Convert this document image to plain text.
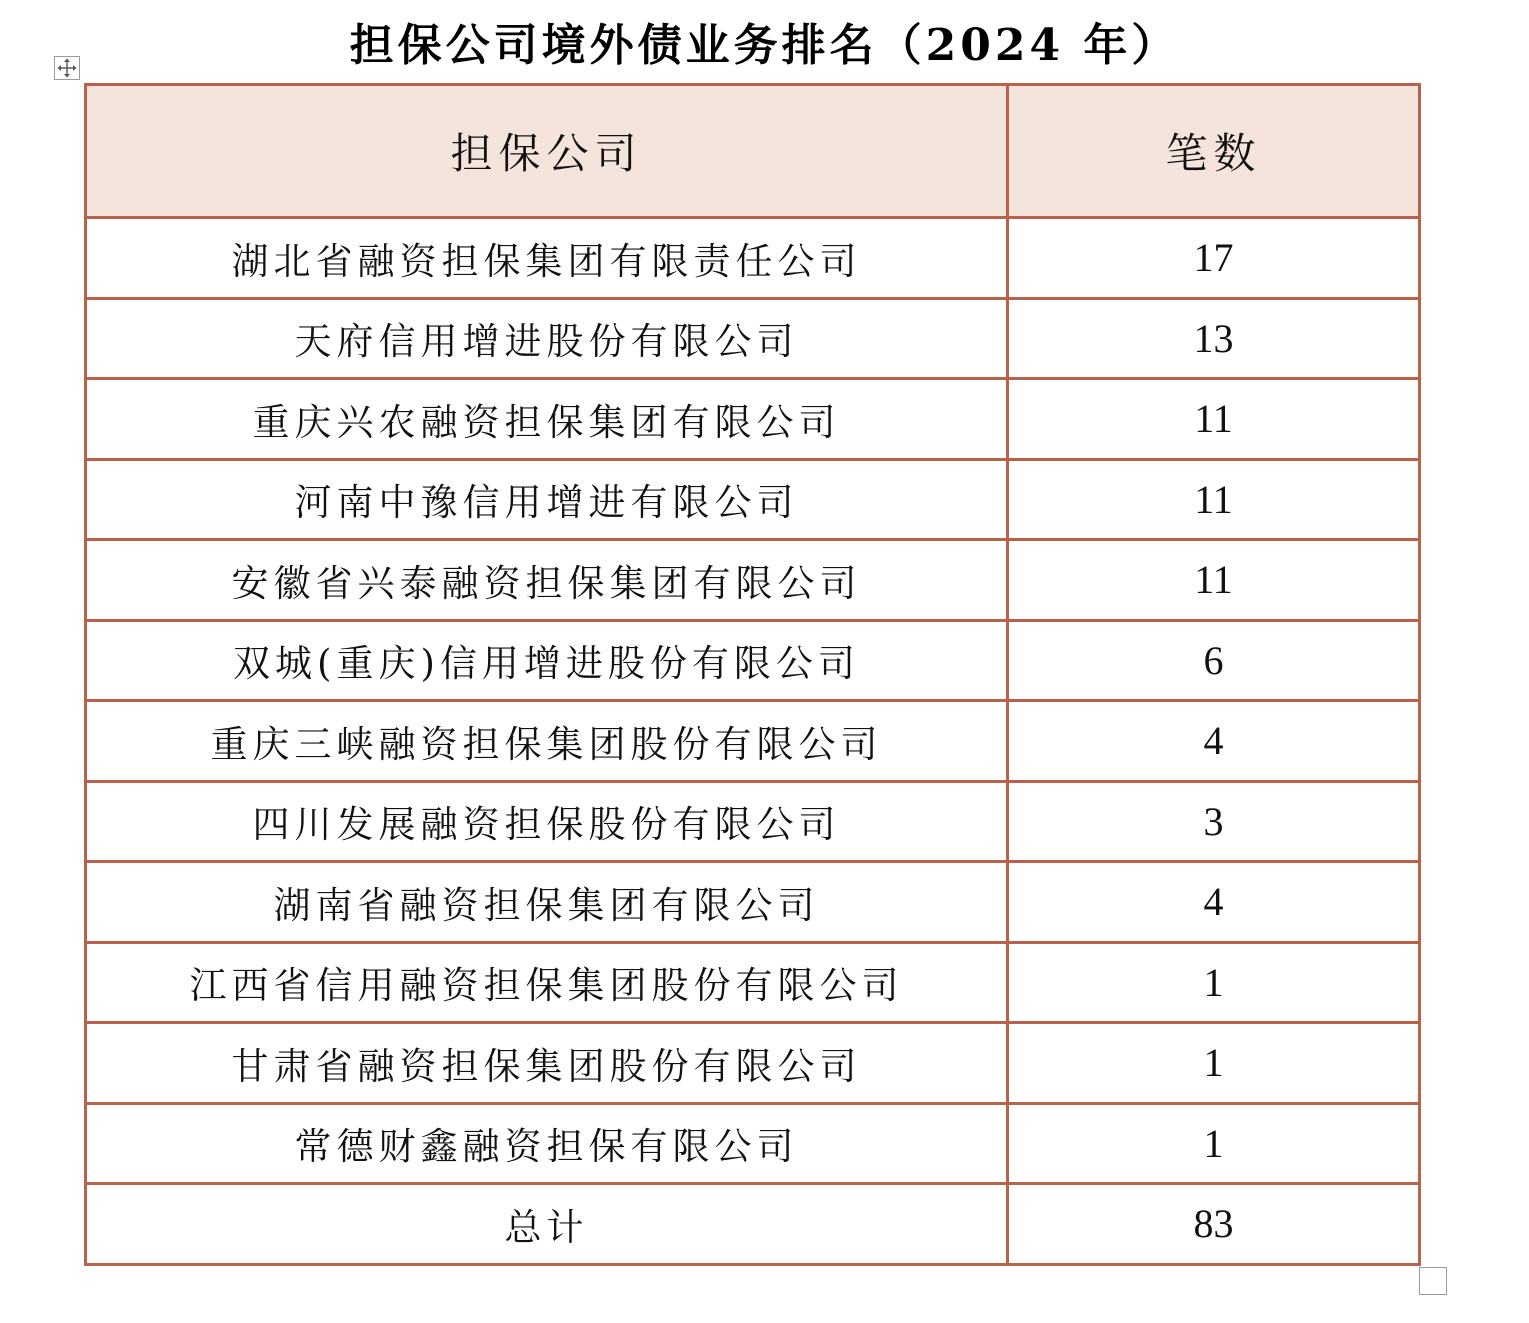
担保公司境外债业务排名（2024 年）
担保公司	笔数
湖北省融资担保集团有限责任公司	17
天府信用增进股份有限公司	13
重庆兴农融资担保集团有限公司	11
河南中豫信用增进有限公司	11
安徽省兴泰融资担保集团有限公司	11
双城(重庆)信用增进股份有限公司	6
重庆三峡融资担保集团股份有限公司	4
四川发展融资担保股份有限公司	3
湖南省融资担保集团有限公司	4
江西省信用融资担保集团股份有限公司	1
甘肃省融资担保集团股份有限公司	1
常德财鑫融资担保有限公司	1
总计	83
